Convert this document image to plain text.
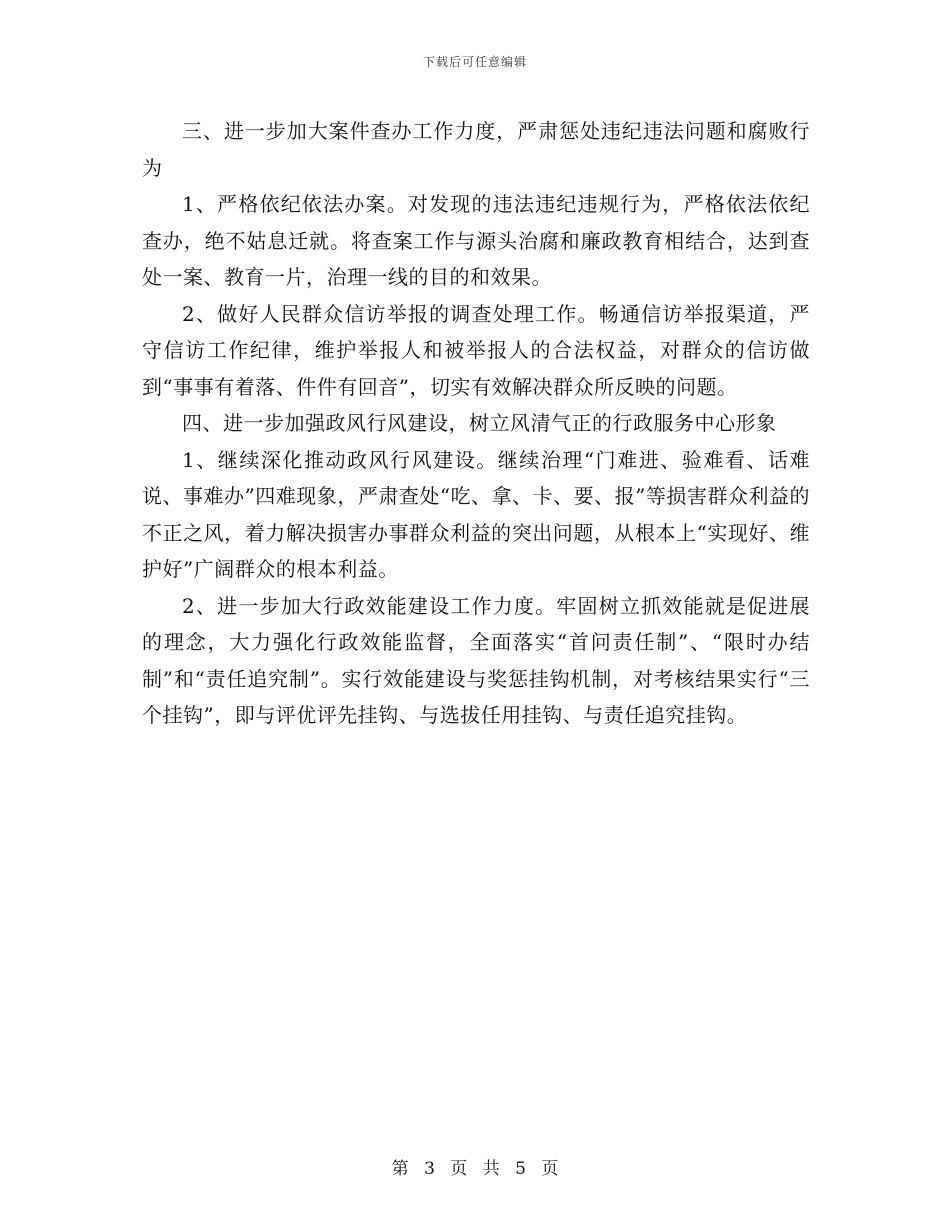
下载后可任意编辑

三、进一步加大案件查办工作力度，严肃惩处违纪违法问题和腐败行为

1、严格依纪依法办案。对发现的违法违纪违规行为，严格依法依纪查办，绝不姑息迁就。将查案工作与源头治腐和廉政教育相结合，达到查处一案、教育一片，治理一线的目的和效果。

2、做好人民群众信访举报的调查处理工作。畅通信访举报渠道，严守信访工作纪律，维护举报人和被举报人的合法权益，对群众的信访做到“事事有着落、件件有回音”，切实有效解决群众所反映的问题。

四、进一步加强政风行风建设，树立风清气正的行政服务中心形象

1、继续深化推动政风行风建设。继续治理“门难进、验难看、话难说、事难办”四难现象，严肃查处“吃、拿、卡、要、报”等损害群众利益的不正之风，着力解决损害办事群众利益的突出问题，从根本上“实现好、维护好”广阔群众的根本利益。

2、进一步加大行政效能建设工作力度。牢固树立抓效能就是促进展的理念，大力强化行政效能监督，全面落实“首问责任制”、“限时办结制”和“责任追究制”。实行效能建设与奖惩挂钩机制，对考核结果实行“三个挂钩”，即与评优评先挂钩、与选拔任用挂钩、与责任追究挂钩。

第 3 页 共 5 页
